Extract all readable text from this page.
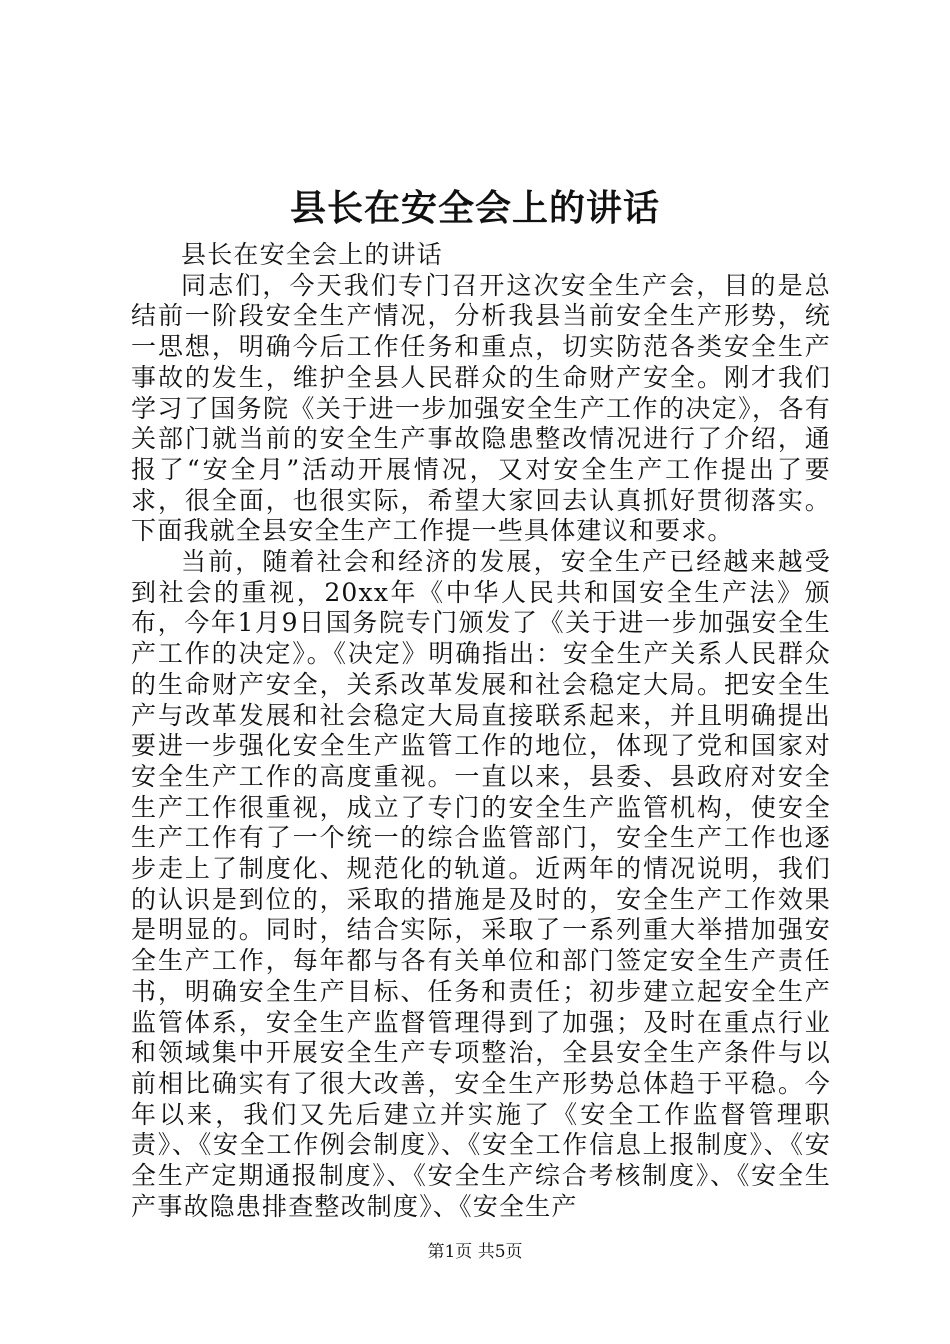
县长在安全会上的讲话

县长在安全会上的讲话

同志们，今天我们专门召开这次安全生产会，目的是总结前一阶段安全生产情况，分析我县当前安全生产形势，统一思想，明确今后工作任务和重点，切实防范各类安全生产事故的发生，维护全县人民群众的生命财产安全。刚才我们学习了国务院《关于进一步加强安全生产工作的决定》，各有关部门就当前的安全生产事故隐患整改情况进行了介绍，通报了“安全月”活动开展情况，又对安全生产工作提出了要求，很全面，也很实际，希望大家回去认真抓好贯彻落实。下面我就全县安全生产工作提一些具体建议和要求。

当前，随着社会和经济的发展，安全生产已经越来越受到社会的重视，20xx年《中华人民共和国安全生产法》颁布，今年1月9日国务院专门颁发了《关于进一步加强安全生产工作的决定》。《决定》明确指出：安全生产关系人民群众的生命财产安全，关系改革发展和社会稳定大局。把安全生产与改革发展和社会稳定大局直接联系起来，并且明确提出要进一步强化安全生产监管工作的地位，体现了党和国家对安全生产工作的高度重视。一直以来，县委、县政府对安全生产工作很重视，成立了专门的安全生产监管机构，使安全生产工作有了一个统一的综合监管部门，安全生产工作也逐步走上了制度化、规范化的轨道。近两年的情况说明，我们的认识是到位的，采取的措施是及时的，安全生产工作效果是明显的。同时，结合实际，采取了一系列重大举措加强安全生产工作，每年都与各有关单位和部门签定安全生产责任书，明确安全生产目标、任务和责任；初步建立起安全生产监管体系，安全生产监督管理得到了加强；及时在重点行业和领域集中开展安全生产专项整治，全县安全生产条件与以前相比确实有了很大改善，安全生产形势总体趋于平稳。今年以来，我们又先后建立并实施了《安全工作监督管理职责》、《安全工作例会制度》、《安全工作信息上报制度》、《安全生产定期通报制度》、《安全生产综合考核制度》、《安全生产事故隐患排查整改制度》、《安全生产

第1页 共5页
